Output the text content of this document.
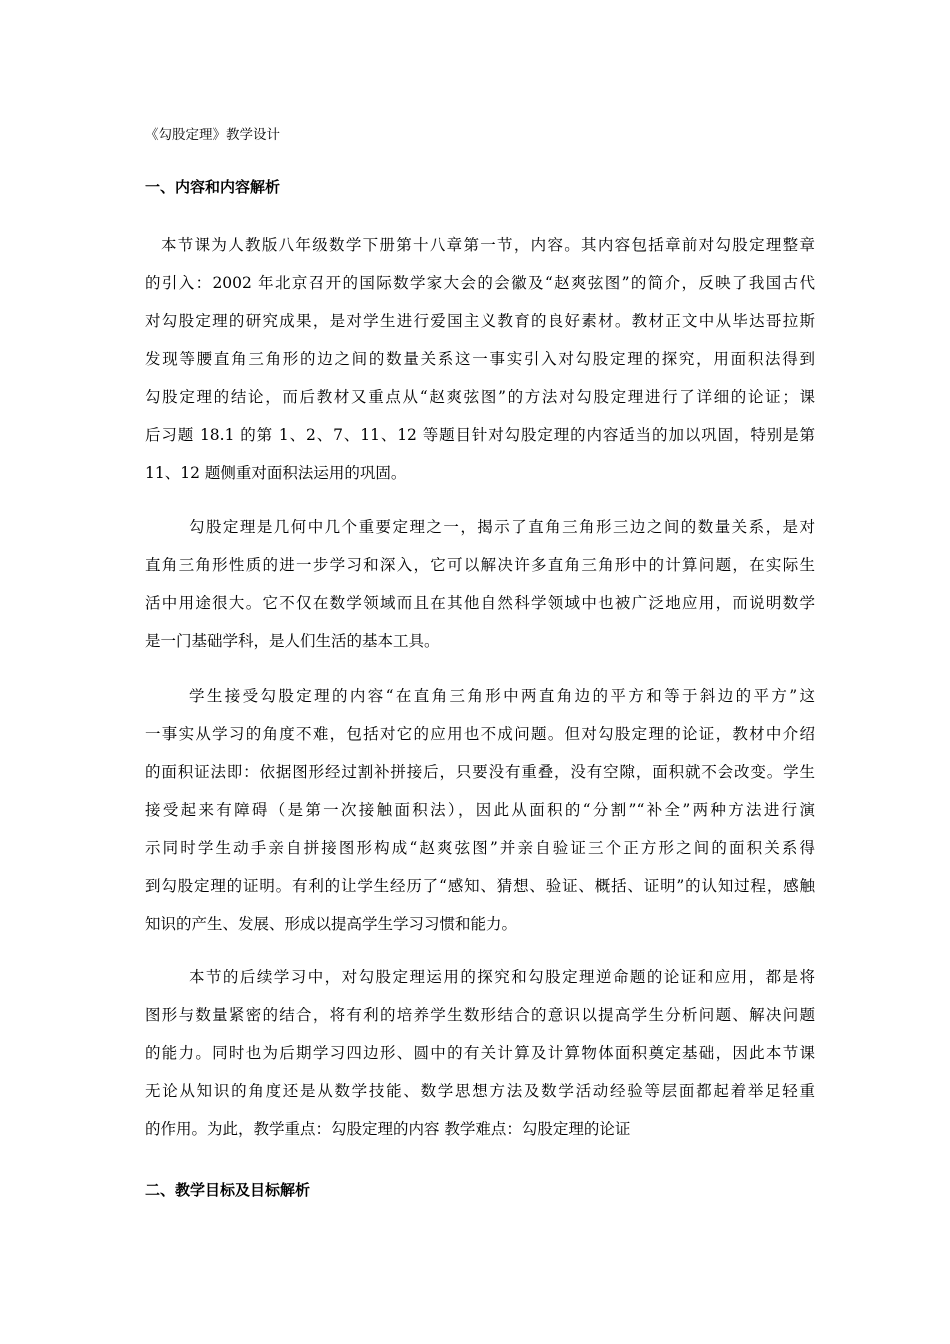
《勾股定理》教学设计
一、内容和内容解析
本节课为人教版八年级数学下册第十八章第一节，内容。其内容包括章前对勾股定理整章
的引入：2002 年北京召开的国际数学家大会的会徽及“赵爽弦图”的简介，反映了我国古代
对勾股定理的研究成果，是对学生进行爱国主义教育的良好素材。教材正文中从毕达哥拉斯
发现等腰直角三角形的边之间的数量关系这一事实引入对勾股定理的探究，用面积法得到
勾股定理的结论，而后教材又重点从“赵爽弦图”的方法对勾股定理进行了详细的论证；课
后习题 18.1 的第 1、2、7、11、12 等题目针对勾股定理的内容适当的加以巩固，特别是第
11、12 题侧重对面积法运用的巩固。
勾股定理是几何中几个重要定理之一，揭示了直角三角形三边之间的数量关系，是对
直角三角形性质的进一步学习和深入，它可以解决许多直角三角形中的计算问题，在实际生
活中用途很大。它不仅在数学领域而且在其他自然科学领域中也被广泛地应用，而说明数学
是一门基础学科，是人们生活的基本工具。
学生接受勾股定理的内容“在直角三角形中两直角边的平方和等于斜边的平方”这
一事实从学习的角度不难，包括对它的应用也不成问题。但对勾股定理的论证，教材中介绍
的面积证法即：依据图形经过割补拼接后，只要没有重叠，没有空隙，面积就不会改变。学生
接受起来有障碍（是第一次接触面积法），因此从面积的“分割”“补全”两种方法进行演
示同时学生动手亲自拼接图形构成“赵爽弦图”并亲自验证三个正方形之间的面积关系得
到勾股定理的证明。有利的让学生经历了“感知、猜想、验证、概括、证明”的认知过程，感触
知识的产生、发展、形成以提高学生学习习惯和能力。
本节的后续学习中，对勾股定理运用的探究和勾股定理逆命题的论证和应用，都是将
图形与数量紧密的结合，将有利的培养学生数形结合的意识以提高学生分析问题、解决问题
的能力。同时也为后期学习四边形、圆中的有关计算及计算物体面积奠定基础，因此本节课
无论从知识的角度还是从数学技能、数学思想方法及数学活动经验等层面都起着举足轻重
的作用。为此，教学重点：勾股定理的内容 教学难点：勾股定理的论证
二、教学目标及目标解析
